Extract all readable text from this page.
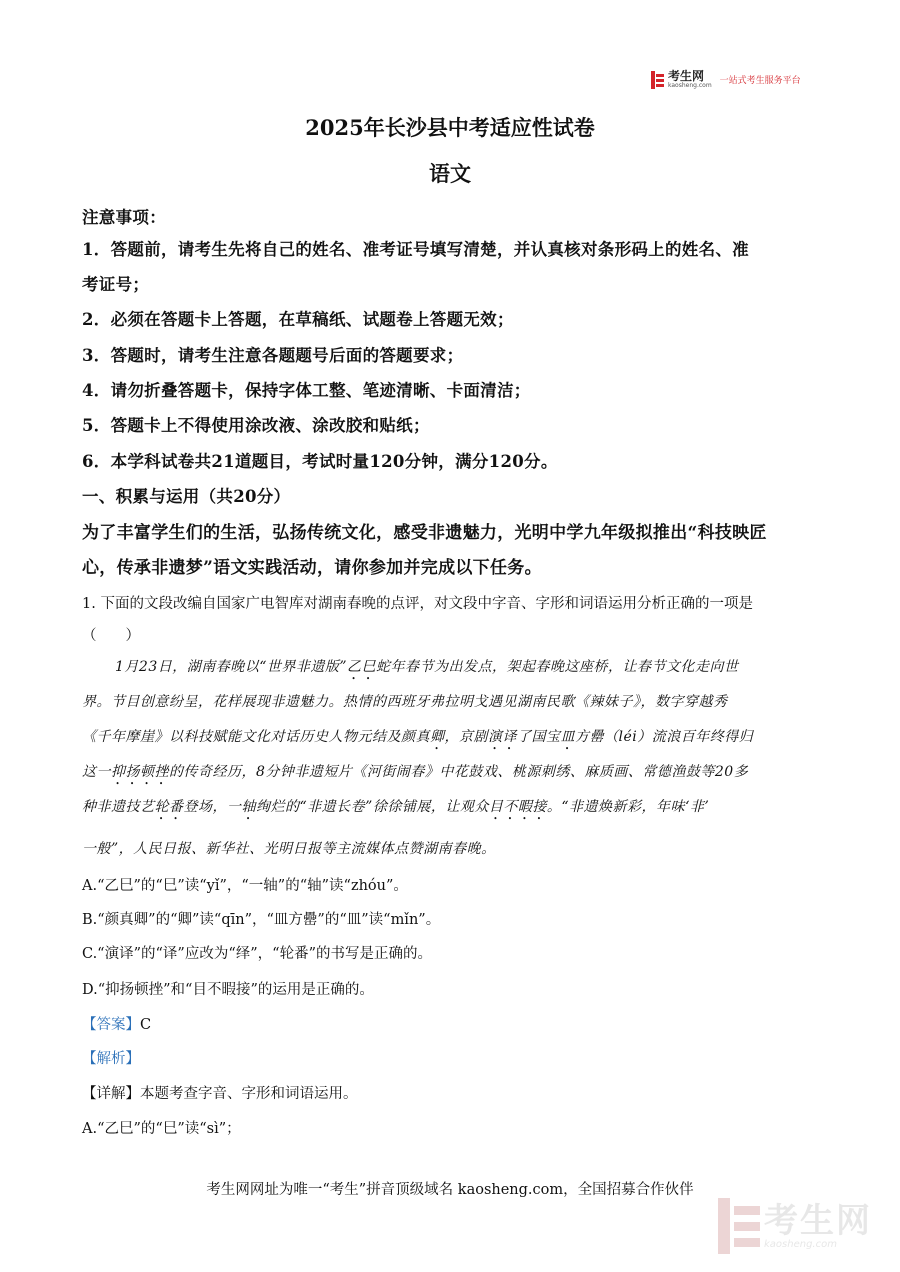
考生网
kaosheng.com 一站式考生服务平台
2025年长沙县中考适应性试卷
语文
注意事项：
1．答题前，请考生先将自己的姓名、准考证号填写清楚，并认真核对条形码上的姓名、准
考证号；
2．必须在答题卡上答题，在草稿纸、试题卷上答题无效；
3．答题时，请考生注意各题题号后面的答题要求；
4．请勿折叠答题卡，保持字体工整、笔迹清晰、卡面清洁；
5．答题卡上不得使用涂改液、涂改胶和贴纸；
6．本学科试卷共21道题目，考试时量120分钟，满分120分。
一、积累与运用（共20分）
为了丰富学生们的生活，弘扬传统文化，感受非遗魅力，光明中学九年级拟推出“科技映匠
心，传承非遗梦”语文实践活动，请你参加并完成以下任务。
1. 下面的文段改编自国家广电智库对湖南春晚的点评，对文段中字音、字形和词语运用分析正确的一项是
（　　）
1月23日，湖南春晚以“世界非遗版”乙巳蛇年春节为出发点，架起春晚这座桥，让春节文化走向世
界。节目创意纷呈，花样展现非遗魅力。热情的西班牙弗拉明戈遇见湖南民歌《辣妹子》，数字穿越秀
《千年摩崖》以科技赋能文化对话历史人物元结及颜真卿，京剧演译了国宝皿方罍（léi）流浪百年终得归
这一抑扬顿挫的传奇经历，8分钟非遗短片《河街闹春》中花鼓戏、桃源刺绣、麻质画、常德渔鼓等20多
种非遗技艺轮番登场，一轴绚烂的“非遗长卷”徐徐铺展，让观众目不暇接。“非遗焕新彩，年味‘非’
一般”，人民日报、新华社、光明日报等主流媒体点赞湖南春晚。
A.“乙巳”的“巳”读“yǐ”，“一轴”的“轴”读“zhóu”。
B.“颜真卿”的“卿”读“qīn”，“皿方罍”的“皿”读“mǐn”。
C.“演译”的“译”应改为“绎”，“轮番”的书写是正确的。
D.“抑扬顿挫”和“目不暇接”的运用是正确的。
【答案】C
【解析】
【详解】本题考查字音、字形和词语运用。
A.“乙巳”的“巳”读“sì”；
考生网网址为唯一“考生”拼音顶级域名 kaosheng.com，全国招募合作伙伴
考生网
kaosheng.com
